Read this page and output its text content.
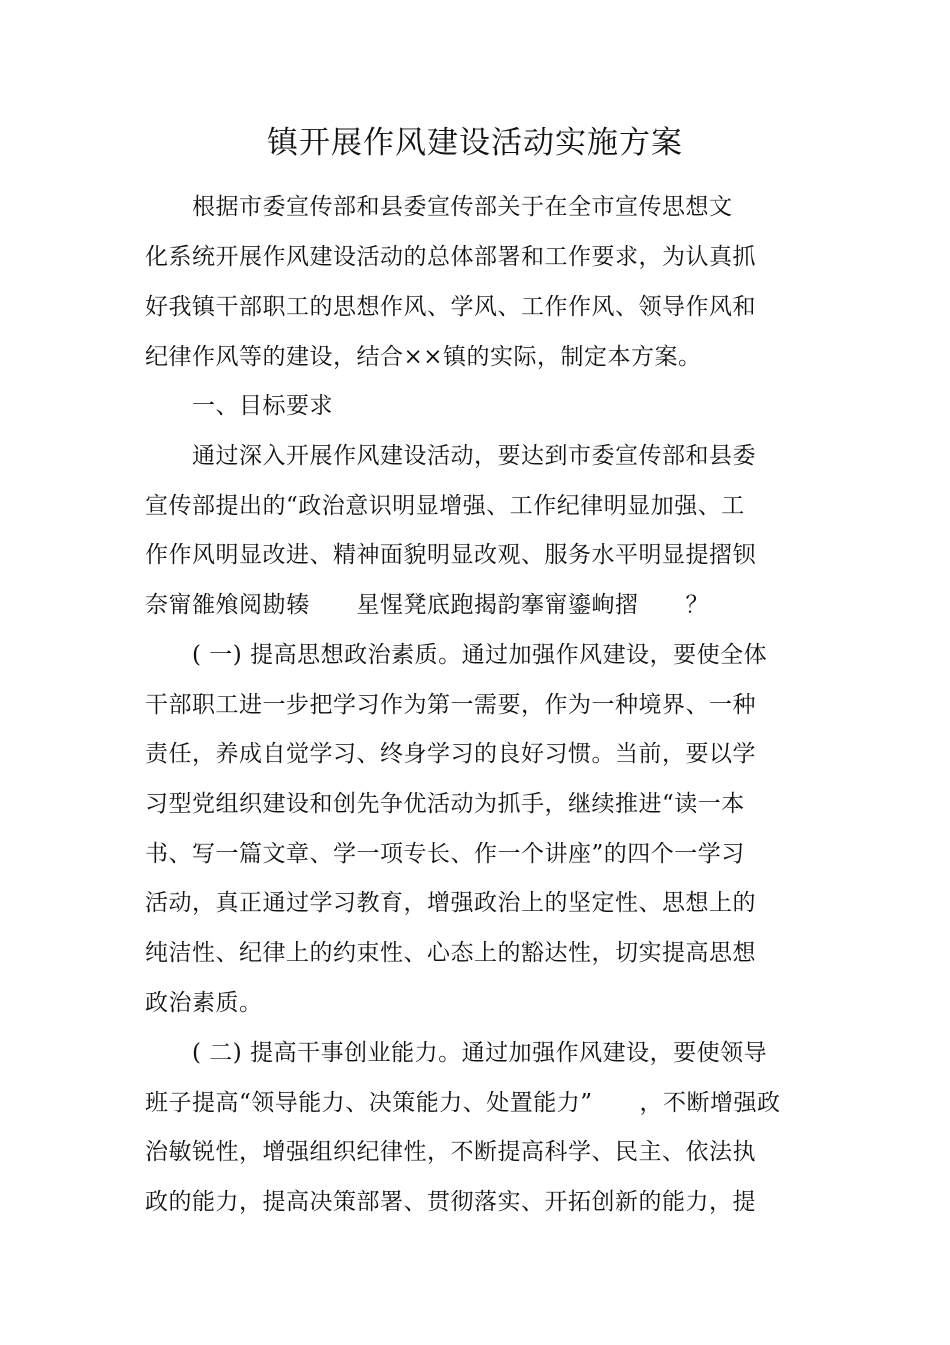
镇开展作风建设活动实施方案
　　根据市委宣传部和县委宣传部关于在全市宣传思想文
化系统开展作风建设活动的总体部署和工作要求，为认真抓
好我镇干部职工的思想作风、学风、工作作风、领导作风和
纪律作风等的建设，结合××镇的实际，制定本方案。
　　一、目标要求
　　通过深入开展作风建设活动，要达到市委宣传部和县委
宣传部提出的“政治意识明显增强、工作纪律明显加强、工
作作风明显改进、精神面貌明显改观、服务水平明显提摺钡
奈甯雒飧阅勘辏　　星惺凳底跑揭韵搴甯鎏峋摺　　？
　　( 一) 提高思想政治素质。通过加强作风建设，要使全体
干部职工进一步把学习作为第一需要，作为一种境界、一种
责任，养成自觉学习、终身学习的良好习惯。当前，要以学
习型党组织建设和创先争优活动为抓手，继续推进“读一本
书、写一篇文章、学一项专长、作一个讲座”的四个一学习
活动，真正通过学习教育，增强政治上的坚定性、思想上的
纯洁性、纪律上的约束性、心态上的豁达性，切实提高思想
政治素质。
　　( 二) 提高干事创业能力。通过加强作风建设，要使领导
班子提高“领导能力、决策能力、处置能力”　　，不断增强政
治敏锐性，增强组织纪律性，不断提高科学、民主、依法执
政的能力，提高决策部署、贯彻落实、开拓创新的能力，提
